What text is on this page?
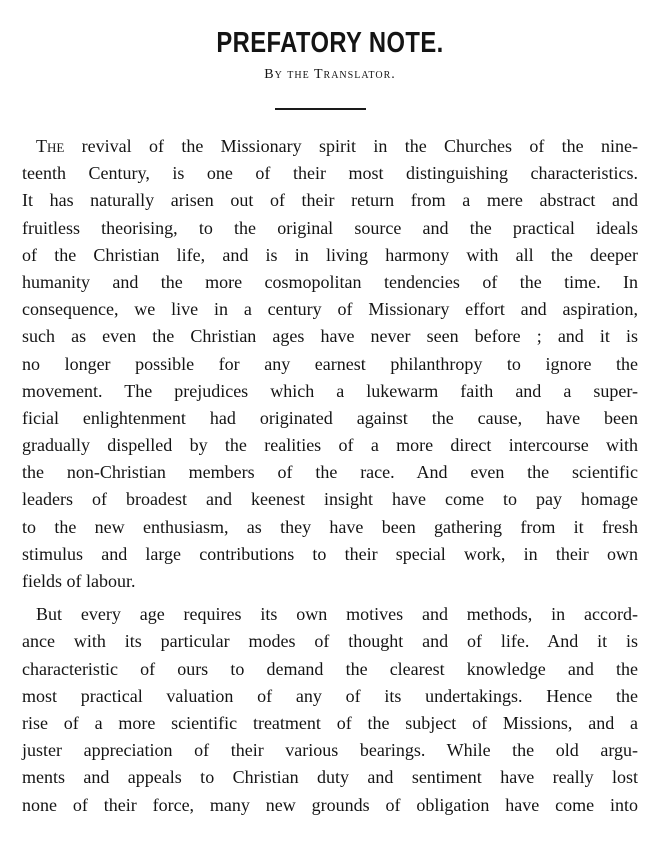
PREFATORY NOTE.
By the Translator.
The revival of the Missionary spirit in the Churches of the nine-
teenth Century, is one of their most distinguishing characteristics.
It has naturally arisen out of their return from a mere abstract and
fruitless theorising, to the original source and the practical ideals
of the Christian life, and is in living harmony with all the deeper
humanity and the more cosmopolitan tendencies of the time. In
consequence, we live in a century of Missionary effort and aspiration,
such as even the Christian ages have never seen before ; and it is
no longer possible for any earnest philanthropy to ignore the
movement. The prejudices which a lukewarm faith and a super-
ficial enlightenment had originated against the cause, have been
gradually dispelled by the realities of a more direct intercourse with
the non-Christian members of the race. And even the scientific
leaders of broadest and keenest insight have come to pay homage
to the new enthusiasm, as they have been gathering from it fresh
stimulus and large contributions to their special work, in their own
fields of labour.
But every age requires its own motives and methods, in accord-
ance with its particular modes of thought and of life. And it is
characteristic of ours to demand the clearest knowledge and the
most practical valuation of any of its undertakings. Hence the
rise of a more scientific treatment of the subject of Missions, and a
juster appreciation of their various bearings. While the old argu-
ments and appeals to Christian duty and sentiment have really lost
none of their force, many new grounds of obligation have come into
